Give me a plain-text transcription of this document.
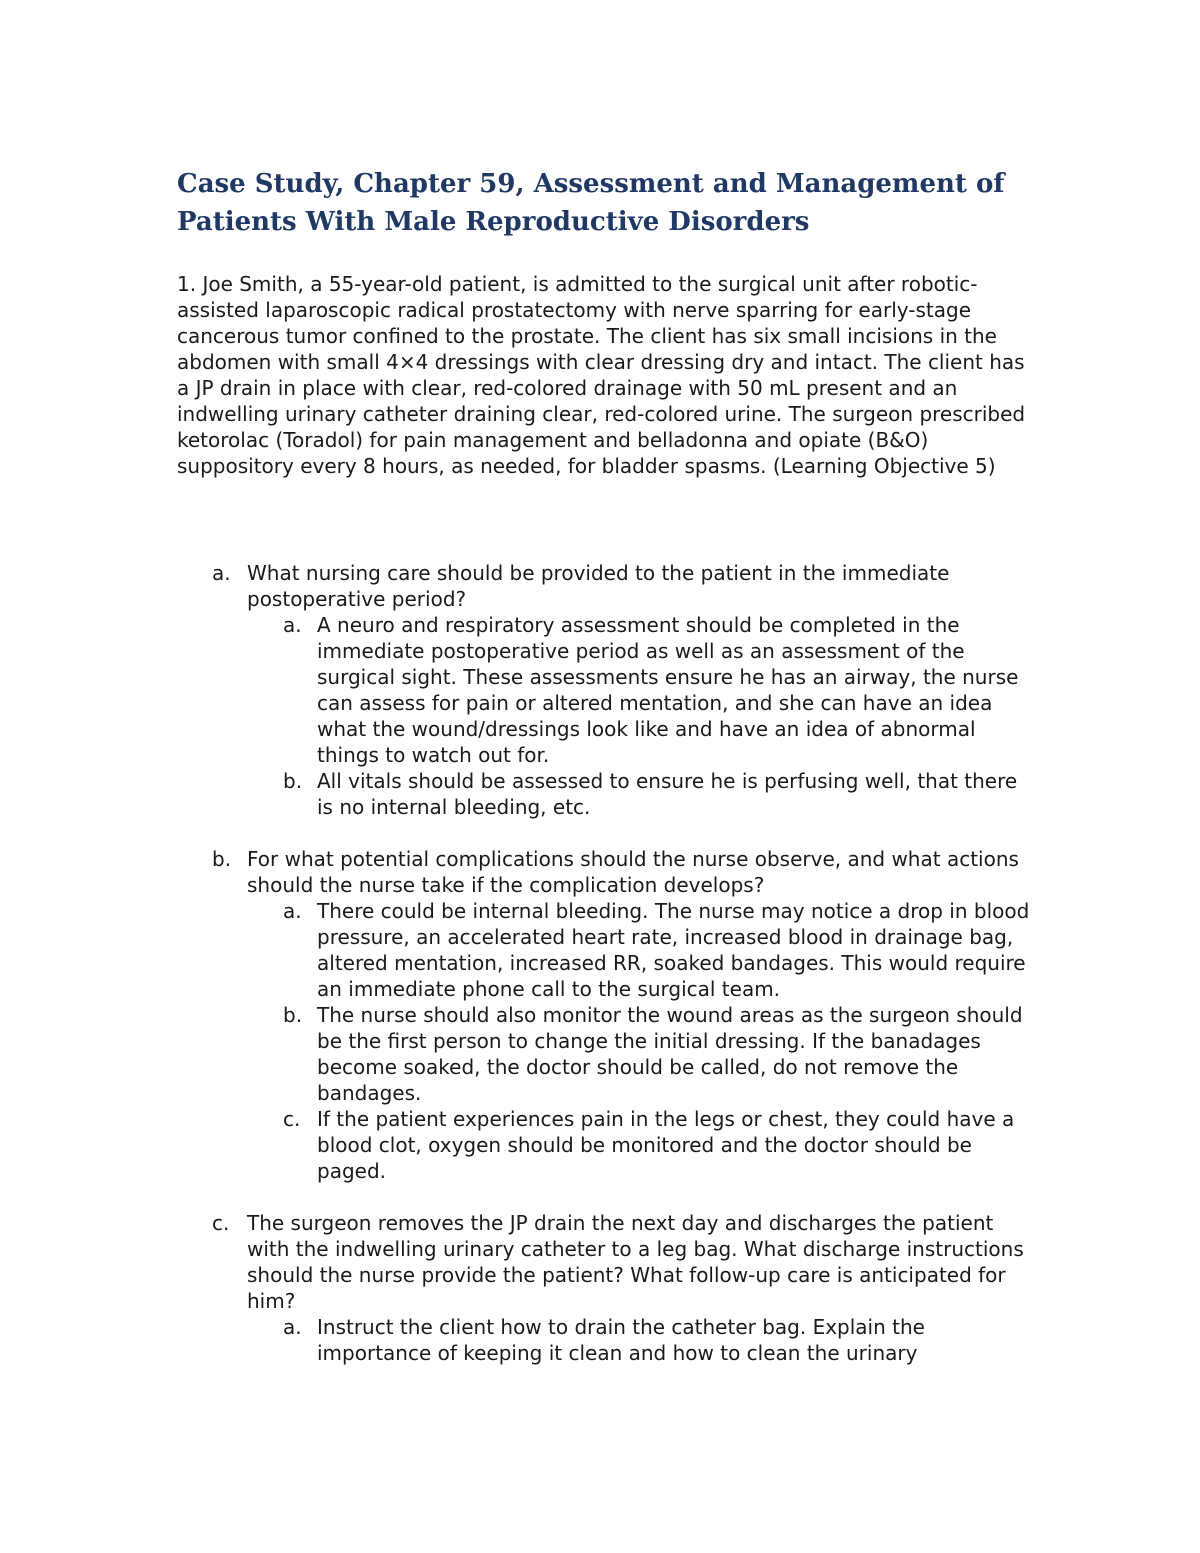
Case Study, Chapter 59, Assessment and Management of Patients With Male Reproductive Disorders

1. Joe Smith, a 55-year-old patient, is admitted to the surgical unit after robotic-assisted laparoscopic radical prostatectomy with nerve sparring for early-stage cancerous tumor confined to the prostate. The client has six small incisions in the abdomen with small 4×4 dressings with clear dressing dry and intact. The client has a JP drain in place with clear, red-colored drainage with 50 mL present and an indwelling urinary catheter draining clear, red-colored urine. The surgeon prescribed ketorolac (Toradol) for pain management and belladonna and opiate (B&O) suppository every 8 hours, as needed, for bladder spasms. (Learning Objective 5)

a. What nursing care should be provided to the patient in the immediate postoperative period?
a. A neuro and respiratory assessment should be completed in the immediate postoperative period as well as an assessment of the surgical sight. These assessments ensure he has an airway, the nurse can assess for pain or altered mentation, and she can have an idea what the wound/dressings look like and have an idea of abnormal things to watch out for.
b. All vitals should be assessed to ensure he is perfusing well, that there is no internal bleeding, etc.
b. For what potential complications should the nurse observe, and what actions should the nurse take if the complication develops?
a. There could be internal bleeding. The nurse may notice a drop in blood pressure, an accelerated heart rate, increased blood in drainage bag, altered mentation, increased RR, soaked bandages. This would require an immediate phone call to the surgical team.
b. The nurse should also monitor the wound areas as the surgeon should be the first person to change the initial dressing. If the banadages become soaked, the doctor should be called, do not remove the bandages.
c. If the patient experiences pain in the legs or chest, they could have a blood clot, oxygen should be monitored and the doctor should be paged.
c. The surgeon removes the JP drain the next day and discharges the patient with the indwelling urinary catheter to a leg bag. What discharge instructions should the nurse provide the patient? What follow-up care is anticipated for him?
a. Instruct the client how to drain the catheter bag. Explain the importance of keeping it clean and how to clean the urinary
